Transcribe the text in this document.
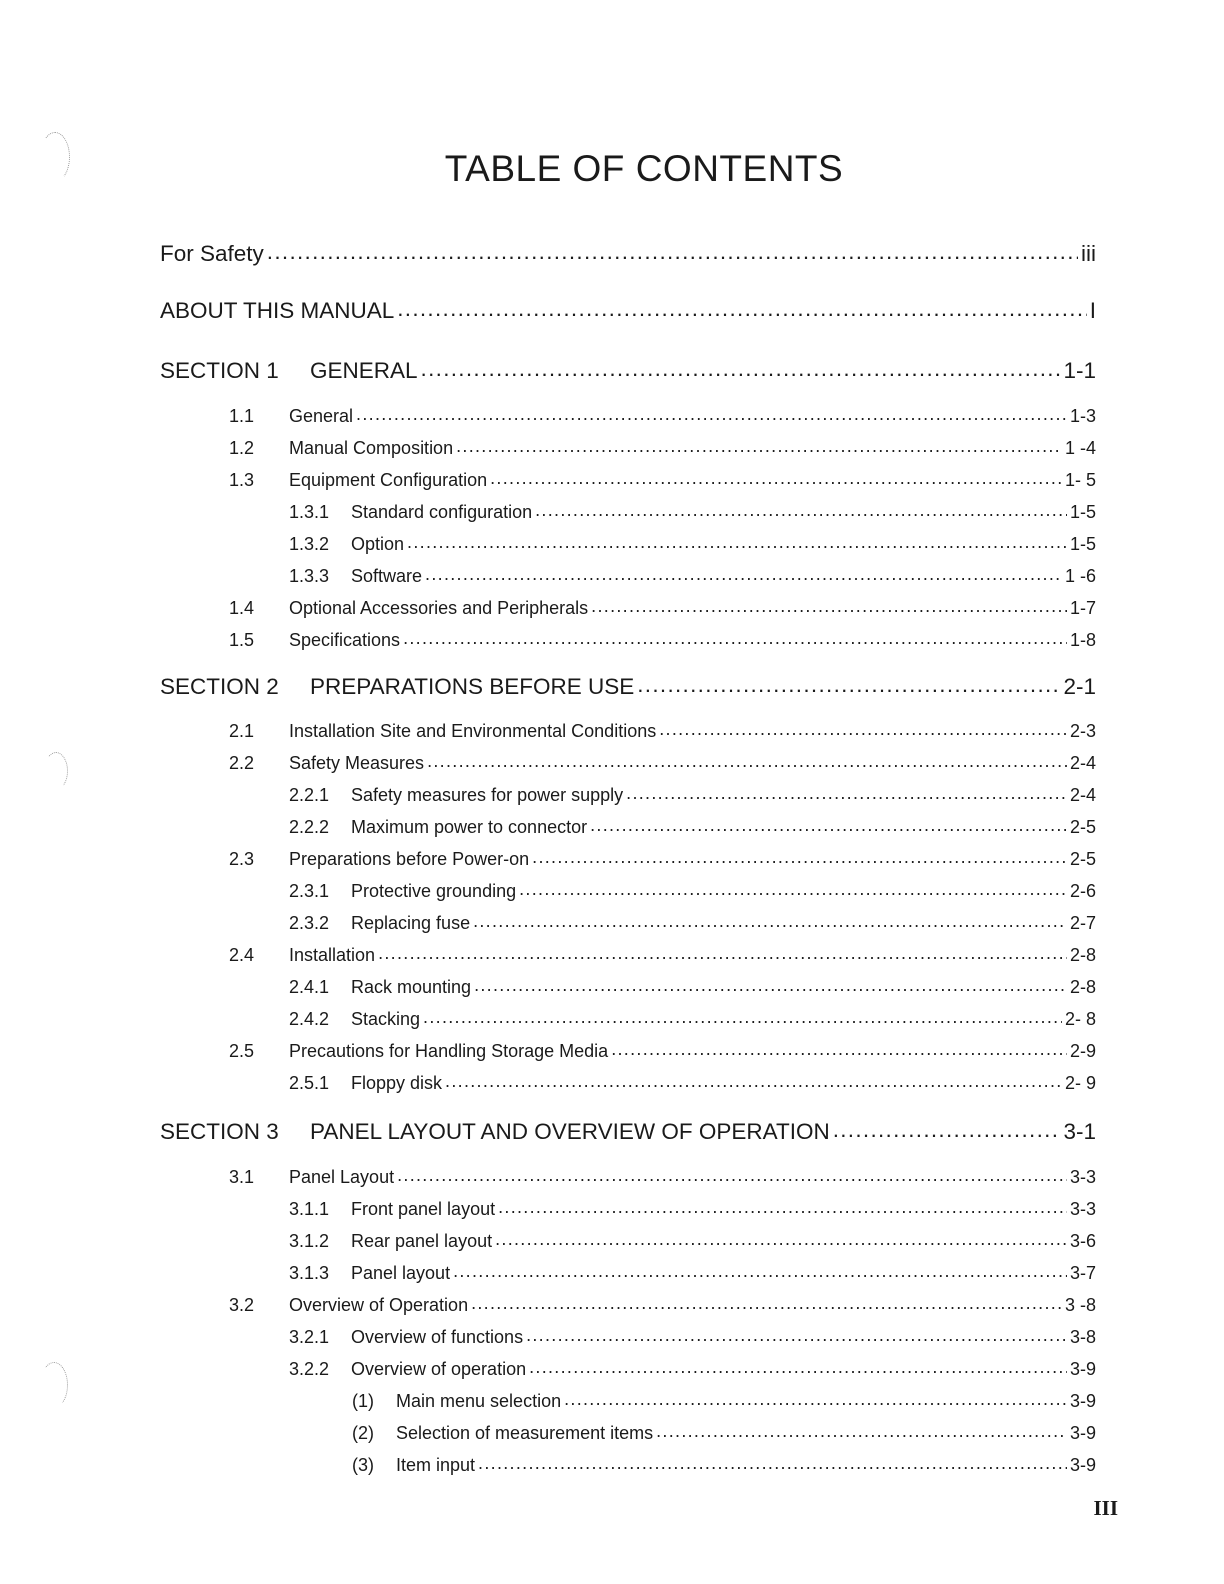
TABLE OF CONTENTS
For Safety .....	iii
ABOUT THIS MANUAL .....	I
SECTION 1	GENERAL .....	1-1
1.1	General .....	1-3
1.2	Manual Composition .....	1 -4
1.3	Equipment Configuration .....	1- 5
1.3.1	Standard configuration .....	1-5
1.3.2	Option .....	1-5
1.3.3	Software .....	1 -6
1.4	Optional Accessories and Peripherals .....	1-7
1.5	Specifications .....	1-8
SECTION 2	PREPARATIONS BEFORE USE .....	2-1
2.1	Installation Site and Environmental Conditions .....	2-3
2.2	Safety Measures .....	2-4
2.2.1	Safety measures for power supply .....	2-4
2.2.2	Maximum power to connector .....	2-5
2.3	Preparations before Power-on .....	2-5
2.3.1	Protective grounding .....	2-6
2.3.2	Replacing fuse .....	2-7
2.4	Installation .....	2-8
2.4.1	Rack mounting .....	2-8
2.4.2	Stacking .....	2- 8
2.5	Precautions for Handling Storage Media .....	2-9
2.5.1	Floppy disk .....	2- 9
SECTION 3	PANEL LAYOUT AND OVERVIEW OF OPERATION .....	3-1
3.1	Panel Layout .....	3-3
3.1.1	Front panel layout .....	3-3
3.1.2	Rear panel layout .....	3-6
3.1.3	Panel layout .....	3-7
3.2	Overview of Operation .....	3 -8
3.2.1	Overview of functions .....	3-8
3.2.2	Overview of operation .....	3-9
(1)	Main menu selection .....	3-9
(2)	Selection of measurement items .....	3-9
(3)	Item input .....	3-9
III
